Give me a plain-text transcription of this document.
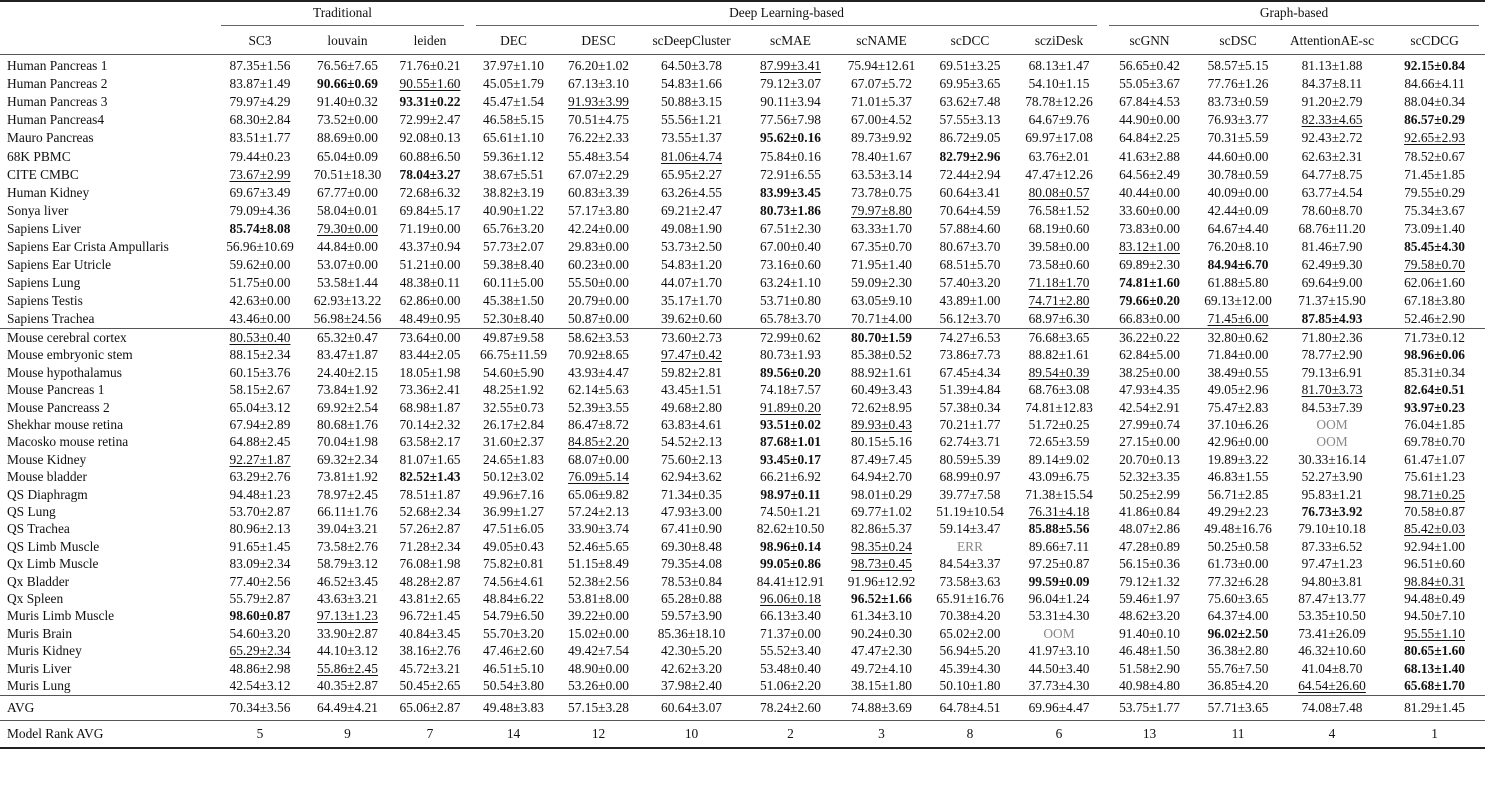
	Traditional			Deep Learning-based							Graph-based			

	SC3	louvain	leiden	DEC	DESC	scDeepCluster	scMAE	scNAME	scDCC	scziDesk	scGNN	scDSC	AttentionAE-sc	scCDCG
Human Pancreas 1	87.35±1.56	76.56±7.65	71.76±0.21	37.97±1.10	76.20±1.02	64.50±3.78	87.99±3.41	75.94±12.61	69.51±3.25	68.13±1.47	56.65±0.42	58.57±5.15	81.13±1.88	92.15±0.84
Human Pancreas 2	83.87±1.49	90.66±0.69	90.55±1.60	45.05±1.79	67.13±3.10	54.83±1.66	79.12±3.07	67.07±5.72	69.95±3.65	54.10±1.15	55.05±3.67	77.76±1.26	84.37±8.11	84.66±4.11
Human Pancreas 3	79.97±4.29	91.40±0.32	93.31±0.22	45.47±1.54	91.93±3.99	50.88±3.15	90.11±3.94	71.01±5.37	63.62±7.48	78.78±12.26	67.84±4.53	83.73±0.59	91.20±2.79	88.04±0.34
Human Pancreas4	68.30±2.84	73.52±0.00	72.99±2.47	46.58±5.15	70.51±4.75	55.56±1.21	77.56±7.98	67.00±4.52	57.55±3.13	64.67±9.76	44.90±0.00	76.93±3.77	82.33±4.65	86.57±0.29
Mauro Pancreas	83.51±1.77	88.69±0.00	92.08±0.13	65.61±1.10	76.22±2.33	73.55±1.37	95.62±0.16	89.73±9.92	86.72±9.05	69.97±17.08	64.84±2.25	70.31±5.59	92.43±2.72	92.65±2.93
68K PBMC	79.44±0.23	65.04±0.09	60.88±6.50	59.36±1.12	55.48±3.54	81.06±4.74	75.84±0.16	78.40±1.67	82.79±2.96	63.76±2.01	41.63±2.88	44.60±0.00	62.63±2.31	78.52±0.67
CITE CMBC	73.67±2.99	70.51±18.30	78.04±3.27	38.67±5.51	67.07±2.29	65.95±2.27	72.91±6.55	63.53±3.14	72.44±2.94	47.47±12.26	64.56±2.49	30.78±0.59	64.77±8.75	71.45±1.85
Human Kidney	69.67±3.49	67.77±0.00	72.68±6.32	38.82±3.19	60.83±3.39	63.26±4.55	83.99±3.45	73.78±0.75	60.64±3.41	80.08±0.57	40.44±0.00	40.09±0.00	63.77±4.54	79.55±0.29
Sonya liver	79.09±4.36	58.04±0.01	69.84±5.17	40.90±1.22	57.17±3.80	69.21±2.47	80.73±1.86	79.97±8.80	70.64±4.59	76.58±1.52	33.60±0.00	42.44±0.09	78.60±8.70	75.34±3.67
Sapiens Liver	85.74±8.08	79.30±0.00	71.19±0.00	65.76±3.20	42.24±0.00	49.08±1.90	67.51±2.30	63.33±1.70	57.88±4.60	68.19±0.60	73.83±0.00	64.67±4.40	68.76±11.20	73.09±1.40
Sapiens Ear Crista Ampullaris	56.96±10.69	44.84±0.00	43.37±0.94	57.73±2.07	29.83±0.00	53.73±2.50	67.00±0.40	67.35±0.70	80.67±3.70	39.58±0.00	83.12±1.00	76.20±8.10	81.46±7.90	85.45±4.30
Sapiens Ear Utricle	59.62±0.00	53.07±0.00	51.21±0.00	59.38±8.40	60.23±0.00	54.83±1.20	73.16±0.60	71.95±1.40	68.51±5.70	73.58±0.60	69.89±2.30	84.94±6.70	62.49±9.30	79.58±0.70
Sapiens Lung	51.75±0.00	53.58±1.44	48.38±0.11	60.11±5.00	55.50±0.00	44.07±1.70	63.24±1.10	59.09±2.30	57.40±3.20	71.18±1.70	74.81±1.60	61.88±5.80	69.64±9.00	62.06±1.60
Sapiens Testis	42.63±0.00	62.93±13.22	62.86±0.00	45.38±1.50	20.79±0.00	35.17±1.70	53.71±0.80	63.05±9.10	43.89±1.00	74.71±2.80	79.66±0.20	69.13±12.00	71.37±15.90	67.18±3.80
Sapiens Trachea	43.46±0.00	56.98±24.56	48.49±0.95	52.30±8.40	50.87±0.00	39.62±0.60	65.78±3.70	70.71±4.00	56.12±3.70	68.97±6.30	66.83±0.00	71.45±6.00	87.85±4.93	52.46±2.90
Mouse cerebral cortex	80.53±0.40	65.32±0.47	73.64±0.00	49.87±9.58	58.62±3.53	73.60±2.73	72.99±0.62	80.70±1.59	74.27±6.53	76.68±3.65	36.22±0.22	32.80±0.62	71.80±2.36	71.73±0.12
Mouse embryonic stem	88.15±2.34	83.47±1.87	83.44±2.05	66.75±11.59	70.92±8.65	97.47±0.42	80.73±1.93	85.38±0.52	73.86±7.73	88.82±1.61	62.84±5.00	71.84±0.00	78.77±2.90	98.96±0.06
Mouse hypothalamus	60.15±3.76	24.40±2.15	18.05±1.98	54.60±5.90	43.93±4.47	59.82±2.81	89.56±0.20	88.92±1.61	67.45±4.34	89.54±0.39	38.25±0.00	38.49±0.55	79.13±6.91	85.31±0.34
Mouse Pancreas 1	58.15±2.67	73.84±1.92	73.36±2.41	48.25±1.92	62.14±5.63	43.45±1.51	74.18±7.57	60.49±3.43	51.39±4.84	68.76±3.08	47.93±4.35	49.05±2.96	81.70±3.73	82.64±0.51
Mouse Pancreass 2	65.04±3.12	69.92±2.54	68.98±1.87	32.55±0.73	52.39±3.55	49.68±2.80	91.89±0.20	72.62±8.95	57.38±0.34	74.81±12.83	42.54±2.91	75.47±2.83	84.53±7.39	93.97±0.23
Shekhar mouse retina	67.94±2.89	80.68±1.76	70.14±2.32	26.17±2.84	86.47±8.72	63.83±4.61	93.51±0.02	89.93±0.43	70.21±1.77	51.72±0.25	27.99±0.74	37.10±6.26	OOM	76.04±1.85
Macosko mouse retina	64.88±2.45	70.04±1.98	63.58±2.17	31.60±2.37	84.85±2.20	54.52±2.13	87.68±1.01	80.15±5.16	62.74±3.71	72.65±3.59	27.15±0.00	42.96±0.00	OOM	69.78±0.70
Mouse Kidney	92.27±1.87	69.32±2.34	81.07±1.65	24.65±1.83	68.07±0.00	75.60±2.13	93.45±0.17	87.49±7.45	80.59±5.39	89.14±9.02	20.70±0.13	19.89±3.22	30.33±16.14	61.47±1.07
Mouse bladder	63.29±2.76	73.81±1.92	82.52±1.43	50.12±3.02	76.09±5.14	62.94±3.62	66.21±6.92	64.94±2.70	68.99±0.97	43.09±6.75	52.32±3.35	46.83±1.55	52.27±3.90	75.61±1.23
QS Diaphragm	94.48±1.23	78.97±2.45	78.51±1.87	49.96±7.16	65.06±9.82	71.34±0.35	98.97±0.11	98.01±0.29	39.77±7.58	71.38±15.54	50.25±2.99	56.71±2.85	95.83±1.21	98.71±0.25
QS Lung	53.70±2.87	66.11±1.76	52.68±2.34	36.99±1.27	57.24±2.13	47.93±3.00	74.50±1.21	69.77±1.02	51.19±10.54	76.31±4.18	41.86±0.84	49.29±2.23	76.73±3.92	70.58±0.87
QS Trachea	80.96±2.13	39.04±3.21	57.26±2.87	47.51±6.05	33.90±3.74	67.41±0.90	82.62±10.50	82.86±5.37	59.14±3.47	85.88±5.56	48.07±2.86	49.48±16.76	79.10±10.18	85.42±0.03
QS Limb Muscle	91.65±1.45	73.58±2.76	71.28±2.34	49.05±0.43	52.46±5.65	69.30±8.48	98.96±0.14	98.35±0.24	ERR	89.66±7.11	47.28±0.89	50.25±0.58	87.33±6.52	92.94±1.00
Qx Limb Muscle	83.09±2.34	58.79±3.12	76.08±1.98	75.82±0.81	51.15±8.49	79.35±4.08	99.05±0.86	98.73±0.45	84.54±3.37	97.25±0.87	56.15±0.36	61.73±0.00	97.47±1.23	96.51±0.60
Qx Bladder	77.40±2.56	46.52±3.45	48.28±2.87	74.56±4.61	52.38±2.56	78.53±0.84	84.41±12.91	91.96±12.92	73.58±3.63	99.59±0.09	79.12±1.32	77.32±6.28	94.80±3.81	98.84±0.31
Qx Spleen	55.79±2.87	43.63±3.21	43.81±2.65	48.84±6.22	53.81±8.00	65.28±0.88	96.06±0.18	96.52±1.66	65.91±16.76	96.04±1.24	59.46±1.97	75.60±3.65	87.47±13.77	94.48±0.49
Muris Limb Muscle	98.60±0.87	97.13±1.23	96.72±1.45	54.79±6.50	39.22±0.00	59.57±3.90	66.13±3.40	61.34±3.10	70.38±4.20	53.31±4.30	48.62±3.20	64.37±4.00	53.35±10.50	94.50±7.10
Muris Brain	54.60±3.20	33.90±2.87	40.84±3.45	55.70±3.20	15.02±0.00	85.36±18.10	71.37±0.00	90.24±0.30	65.02±2.00	OOM	91.40±0.10	96.02±2.50	73.41±26.09	95.55±1.10
Muris Kidney	65.29±2.34	44.10±3.12	38.16±2.76	47.46±2.60	49.42±7.54	42.30±5.20	55.52±3.40	47.47±2.30	56.94±5.20	41.97±3.10	46.48±1.50	36.38±2.80	46.32±10.60	80.65±1.60
Muris Liver	48.86±2.98	55.86±2.45	45.72±3.21	46.51±5.10	48.90±0.00	42.62±3.20	53.48±0.40	49.72±4.10	45.39±4.30	44.50±3.40	51.58±2.90	55.76±7.50	41.04±8.70	68.13±1.40
Muris Lung	42.54±3.12	40.35±2.87	50.45±2.65	50.54±3.80	53.26±0.00	37.98±2.40	51.06±2.20	38.15±1.80	50.10±1.80	37.73±4.30	40.98±4.80	36.85±4.20	64.54±26.60	65.68±1.70
AVG	70.34±3.56	64.49±4.21	65.06±2.87	49.48±3.83	57.15±3.28	60.64±3.07	78.24±2.60	74.88±3.69	64.78±4.51	69.96±4.47	53.75±1.77	57.71±3.65	74.08±7.48	81.29±1.45
Model Rank AVG	5	9	7	14	12	10	2	3	8	6	13	11	4	1
